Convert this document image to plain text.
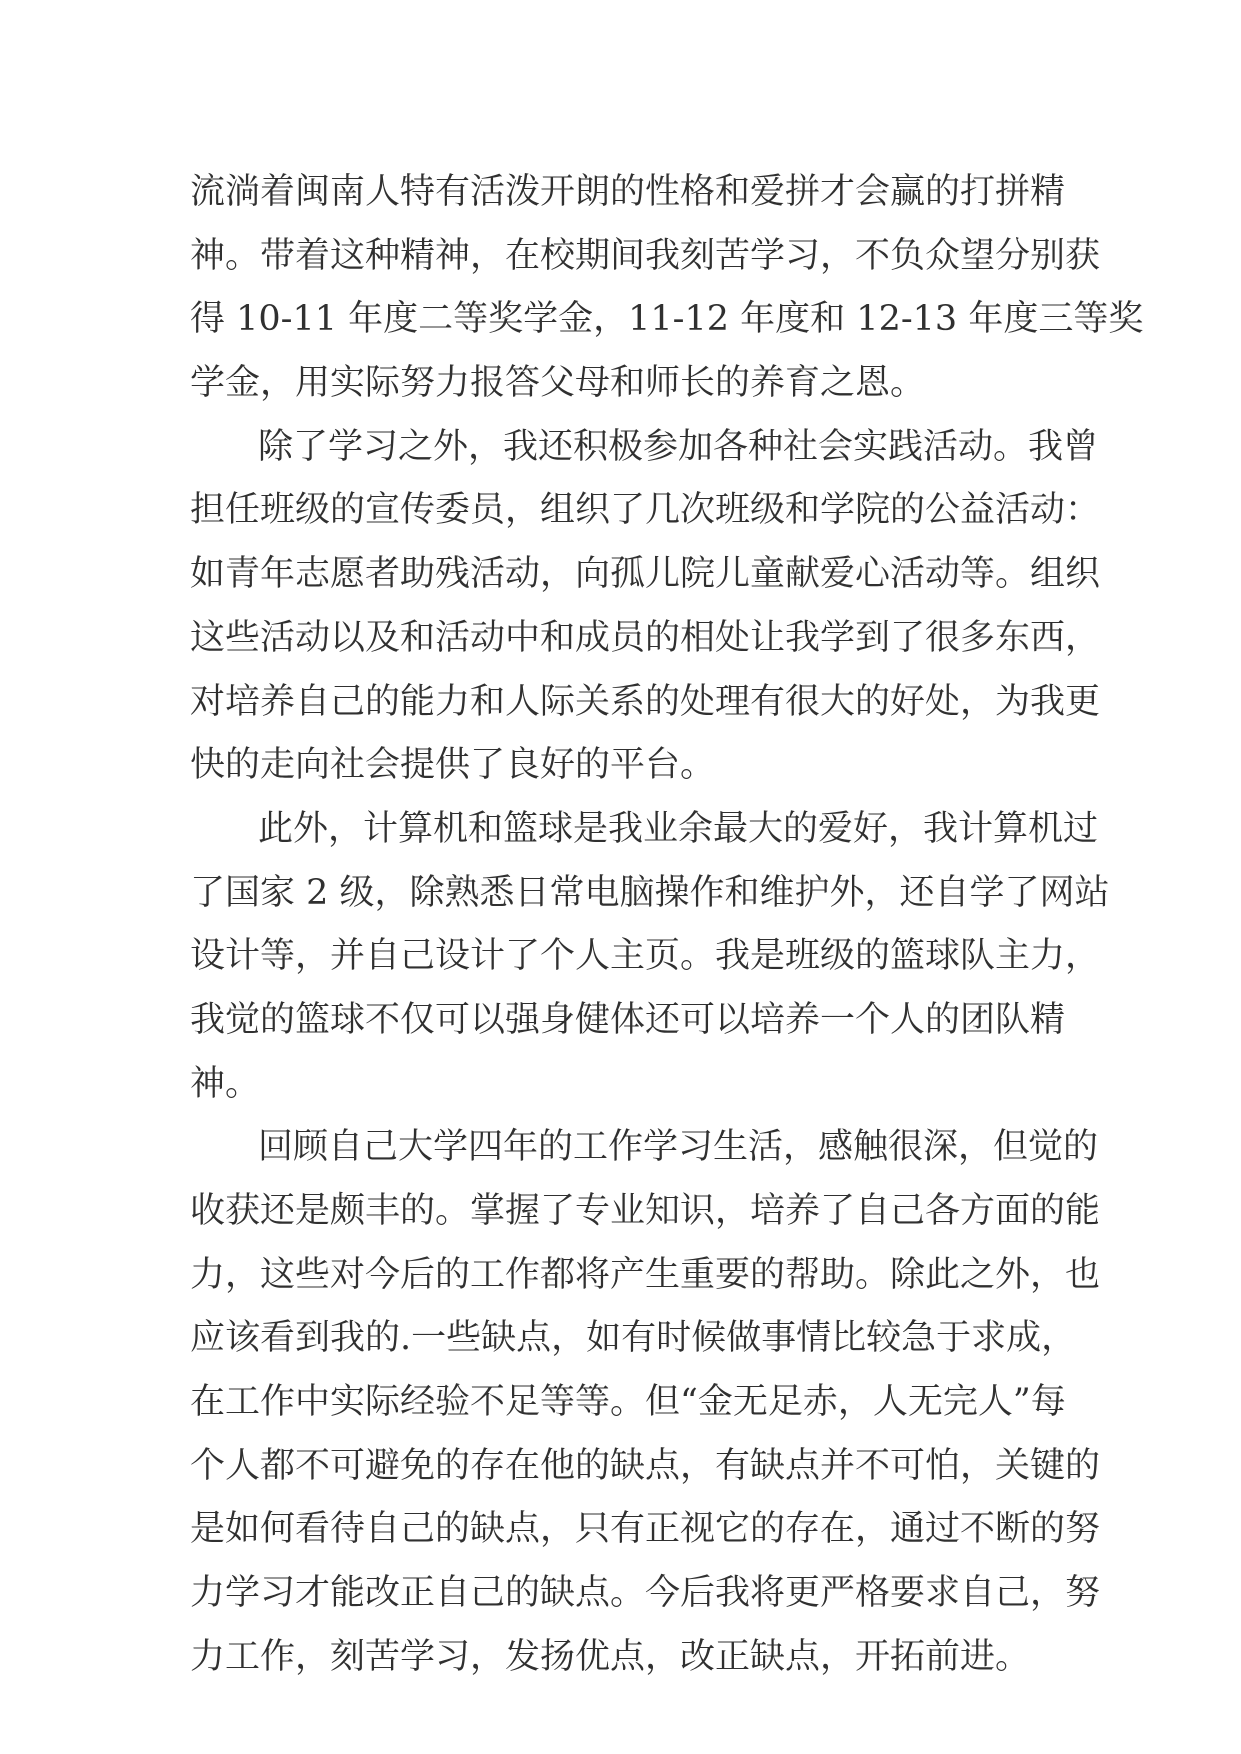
流淌着闽南人特有活泼开朗的性格和爱拼才会赢的打拼精
神。带着这种精神，在校期间我刻苦学习，不负众望分别获
得 10-11 年度二等奖学金，11-12 年度和 12-13 年度三等奖
学金，用实际努力报答父母和师长的养育之恩。
除了学习之外，我还积极参加各种社会实践活动。我曾
担任班级的宣传委员，组织了几次班级和学院的公益活动：
如青年志愿者助残活动，向孤儿院儿童献爱心活动等。组织
这些活动以及和活动中和成员的相处让我学到了很多东西，
对培养自己的能力和人际关系的处理有很大的好处，为我更
快的走向社会提供了良好的平台。
此外，计算机和篮球是我业余最大的爱好，我计算机过
了国家 2 级，除熟悉日常电脑操作和维护外，还自学了网站
设计等，并自己设计了个人主页。我是班级的篮球队主力，
我觉的篮球不仅可以强身健体还可以培养一个人的团队精
神。
回顾自己大学四年的工作学习生活，感触很深，但觉的
收获还是颇丰的。掌握了专业知识，培养了自己各方面的能
力，这些对今后的工作都将产生重要的帮助。除此之外，也
应该看到我的.一些缺点，如有时候做事情比较急于求成，
在工作中实际经验不足等等。但“金无足赤，人无完人”每
个人都不可避免的存在他的缺点，有缺点并不可怕，关键的
是如何看待自己的缺点，只有正视它的存在，通过不断的努
力学习才能改正自己的缺点。今后我将更严格要求自己，努
力工作，刻苦学习，发扬优点，改正缺点，开拓前进。
